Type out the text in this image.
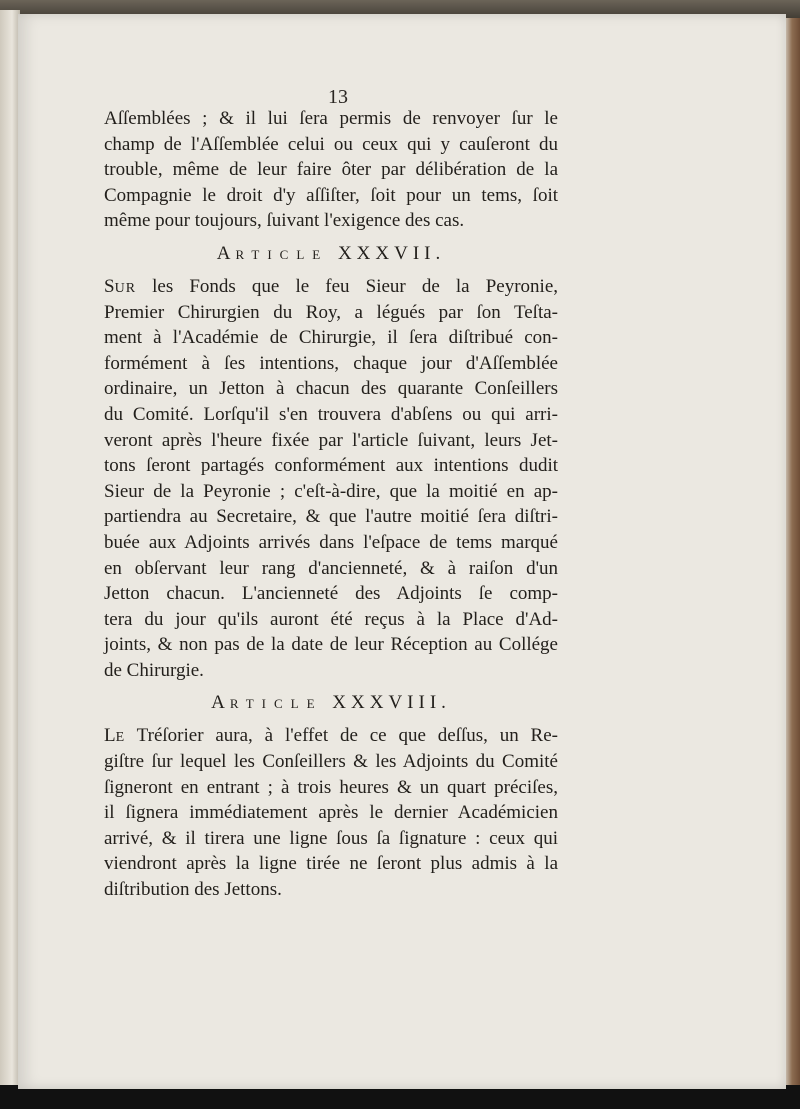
13
Aſſemblées ; & il lui ſera permis de renvoyer ſur le
champ de l'Aſſemblée celui ou ceux qui y cauſeront du
trouble, même de leur faire ôter par délibération de la
Compagnie le droit d'y aſſiſter, ſoit pour un tems, ſoit
même pour toujours, ſuivant l'exigence des cas.
ARTICLE XXXVII.
SUR les Fonds que le feu Sieur de la Peyronie,
Premier Chirurgien du Roy, a légués par ſon Teſta-
ment à l'Académie de Chirurgie, il ſera diſtribué con-
formément à ſes intentions, chaque jour d'Aſſemblée
ordinaire, un Jetton à chacun des quarante Conſeillers
du Comité. Lorſqu'il s'en trouvera d'abſens ou qui arri-
veront après l'heure fixée par l'article ſuivant, leurs Jet-
tons ſeront partagés conformément aux intentions dudit
Sieur de la Peyronie ; c'eſt-à-dire, que la moitié en ap-
partiendra au Secretaire, & que l'autre moitié ſera diſtri-
buée aux Adjoints arrivés dans l'eſpace de tems marqué
en obſervant leur rang d'ancienneté, & à raiſon d'un
Jetton chacun. L'ancienneté des Adjoints ſe comp-
tera du jour qu'ils auront été reçus à la Place d'Ad-
joints, & non pas de la date de leur Réception au Collége
de Chirurgie.
ARTICLE XXXVIII.
LE Tréſorier aura, à l'effet de ce que deſſus, un Re-
giſtre ſur lequel les Conſeillers & les Adjoints du Comité
ſigneront en entrant ; à trois heures & un quart préciſes,
il ſignera immédiatement après le dernier Académicien
arrivé, & il tirera une ligne ſous ſa ſignature : ceux qui
viendront après la ligne tirée ne ſeront plus admis à la
diſtribution des Jettons.
